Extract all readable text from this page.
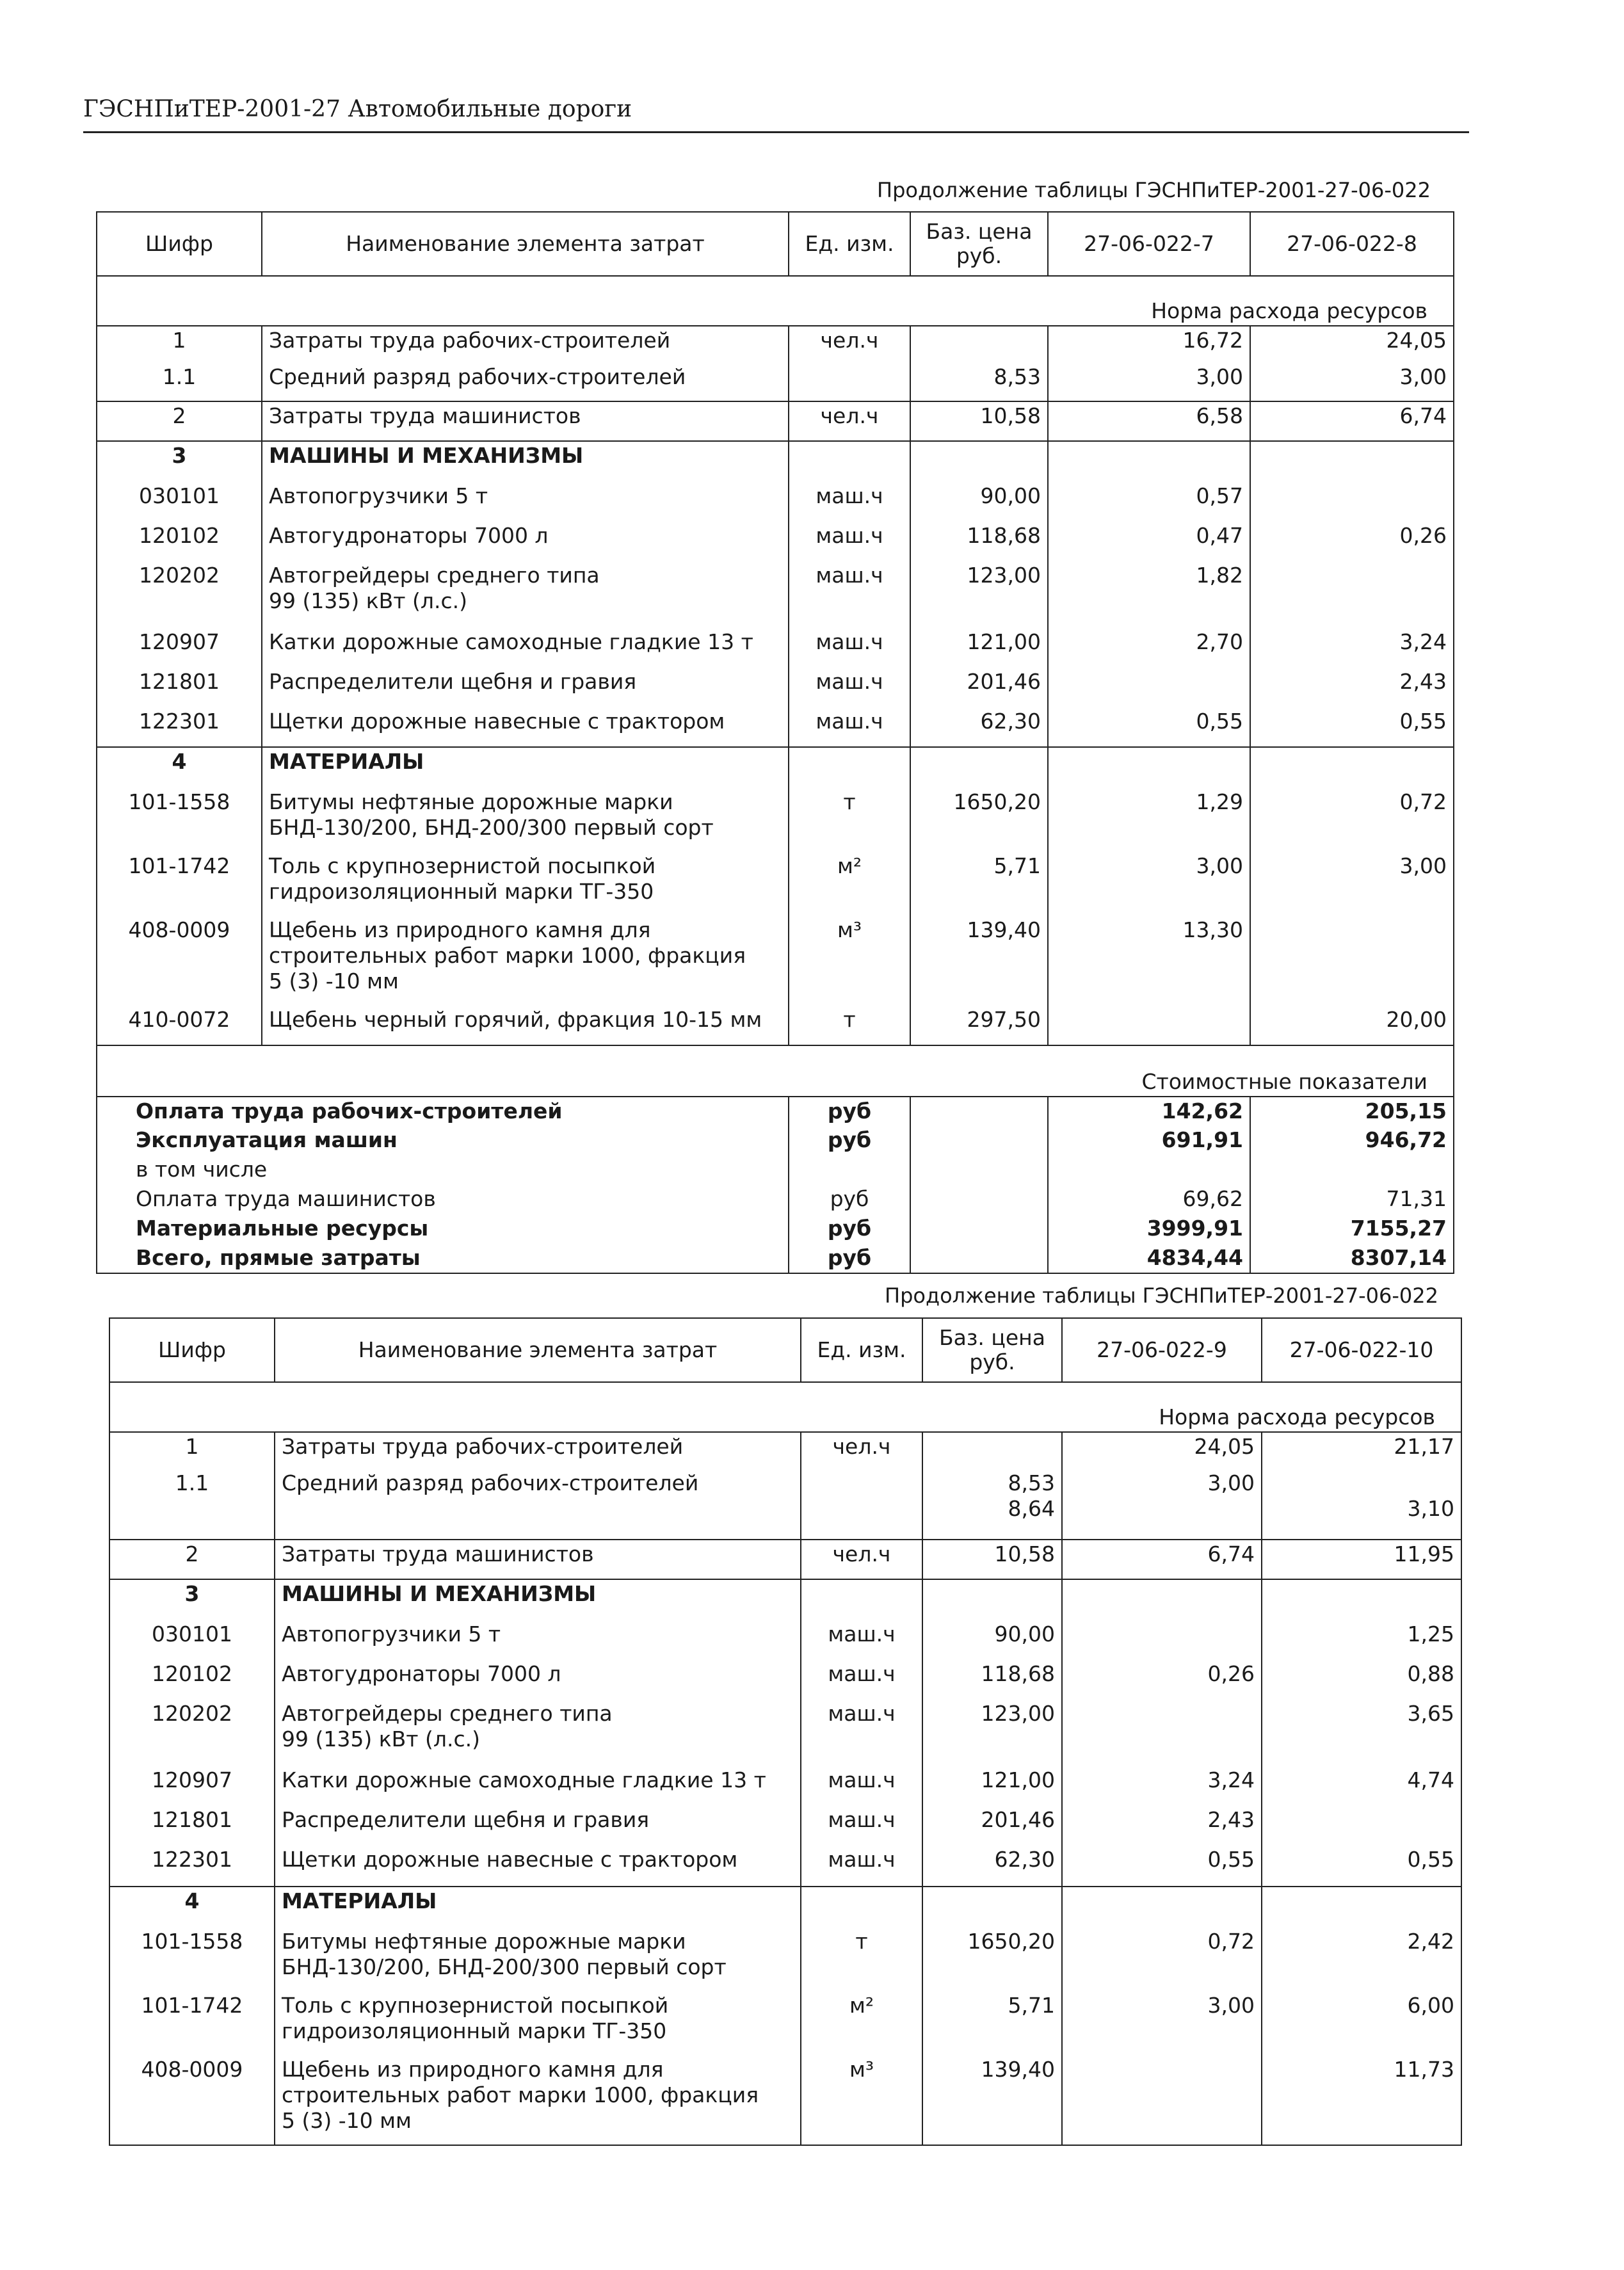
ГЭСНПиТЕР-2001-27 Автомобильные дороги
Продолжение таблицы ГЭСНПиТЕР-2001-27-06-022
Шифр	Наименование элемента затрат	Ед. изм.	Баз. цена руб.	27-06-022-7	27-06-022-8
Норма расхода ресурсов					
1	Затраты труда рабочих-строителей	чел.ч		16,72	24,05
1.1	Средний разряд рабочих-строителей		8,53	3,00	3,00
2	Затраты труда машинистов	чел.ч	10,58	6,58	6,74
3	МАШИНЫ И МЕХАНИЗМЫ				
030101	Автопогрузчики 5 т	маш.ч	90,00	0,57	
120102	Автогудронаторы 7000 л	маш.ч	118,68	0,47	0,26
120202	Автогрейдеры среднего типа
99 (135) кВт (л.с.)	маш.ч	123,00	1,82	
120907	Катки дорожные самоходные гладкие 13 т	маш.ч	121,00	2,70	3,24
121801	Распределители щебня и гравия	маш.ч	201,46		2,43
122301	Щетки дорожные навесные с трактором	маш.ч	62,30	0,55	0,55
4	МАТЕРИАЛЫ				
101-1558	Битумы нефтяные дорожные марки
БНД-130/200, БНД-200/300 первый сорт	т	1650,20	1,29	0,72
101-1742	Толь с крупнозернистой посыпкой
гидроизоляционный марки ТГ-350	м²	5,71	3,00	3,00
408-0009	Щебень из природного камня для
строительных работ марки 1000, фракция
5 (3) -10 мм	м³	139,40	13,30	
410-0072	Щебень черный горячий, фракция 10-15 мм	т	297,50		20,00
Стоимостные показатели					
Оплата труда рабочих-строителей		руб		142,62	205,15
Эксплуатация машин		руб		691,91	946,72
в том числе					
Оплата труда машинистов		руб		69,62	71,31
Материальные ресурсы		руб		3999,91	7155,27
Всего, прямые затраты		руб		4834,44	8307,14
Продолжение таблицы ГЭСНПиТЕР-2001-27-06-022
Шифр	Наименование элемента затрат	Ед. изм.	Баз. цена руб.	27-06-022-9	27-06-022-10
Норма расхода ресурсов					
1	Затраты труда рабочих-строителей	чел.ч		24,05	21,17
1.1	Средний разряд рабочих-строителей		8,53
8,64	3,00	3,10
2	Затраты труда машинистов	чел.ч	10,58	6,74	11,95
3	МАШИНЫ И МЕХАНИЗМЫ				
030101	Автопогрузчики 5 т	маш.ч	90,00		1,25
120102	Автогудронаторы 7000 л	маш.ч	118,68	0,26	0,88
120202	Автогрейдеры среднего типа
99 (135) кВт (л.с.)	маш.ч	123,00		3,65
120907	Катки дорожные самоходные гладкие 13 т	маш.ч	121,00	3,24	4,74
121801	Распределители щебня и гравия	маш.ч	201,46	2,43	
122301	Щетки дорожные навесные с трактором	маш.ч	62,30	0,55	0,55
4	МАТЕРИАЛЫ				
101-1558	Битумы нефтяные дорожные марки
БНД-130/200, БНД-200/300 первый сорт	т	1650,20	0,72	2,42
101-1742	Толь с крупнозернистой посыпкой
гидроизоляционный марки ТГ-350	м²	5,71	3,00	6,00
408-0009	Щебень из природного камня для
строительных работ марки 1000, фракция
5 (3) -10 мм	м³	139,40		11,73
